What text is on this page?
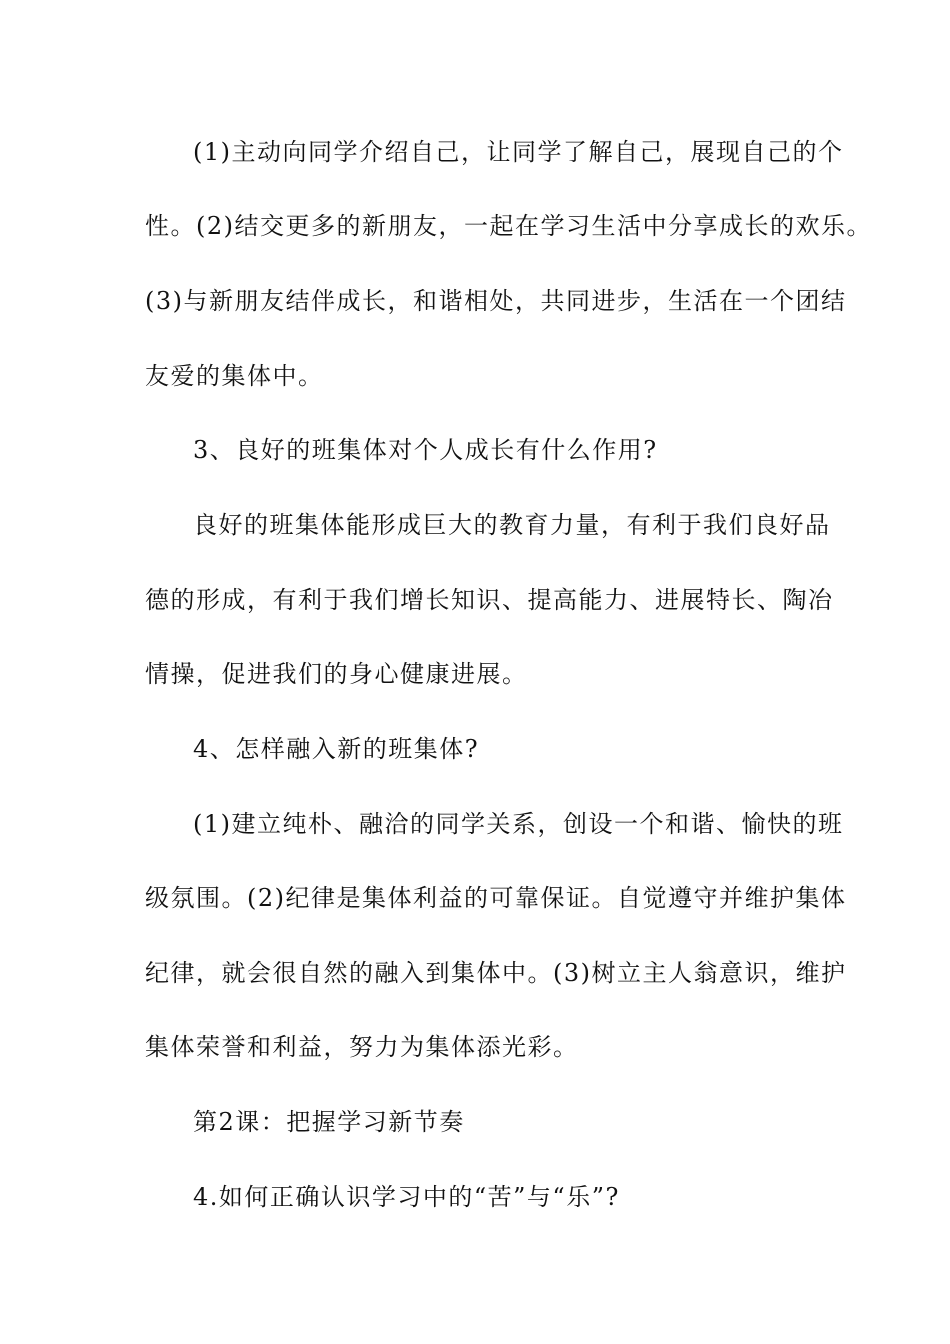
(1)主动向同学介绍自己，让同学了解自己，展现自己的个
性。(2)结交更多的新朋友，一起在学习生活中分享成长的欢乐。
(3)与新朋友结伴成长，和谐相处，共同进步，生活在一个团结
友爱的集体中。
3、良好的班集体对个人成长有什么作用?
良好的班集体能形成巨大的教育力量，有利于我们良好品
德的形成，有利于我们增长知识、提高能力、进展特长、陶冶
情操，促进我们的身心健康进展。
4、怎样融入新的班集体?
(1)建立纯朴、融洽的同学关系，创设一个和谐、愉快的班
级氛围。(2)纪律是集体利益的可靠保证。自觉遵守并维护集体
纪律，就会很自然的融入到集体中。(3)树立主人翁意识，维护
集体荣誉和利益，努力为集体添光彩。
第2课：把握学习新节奏
4.如何正确认识学习中的“苦”与“乐”?
